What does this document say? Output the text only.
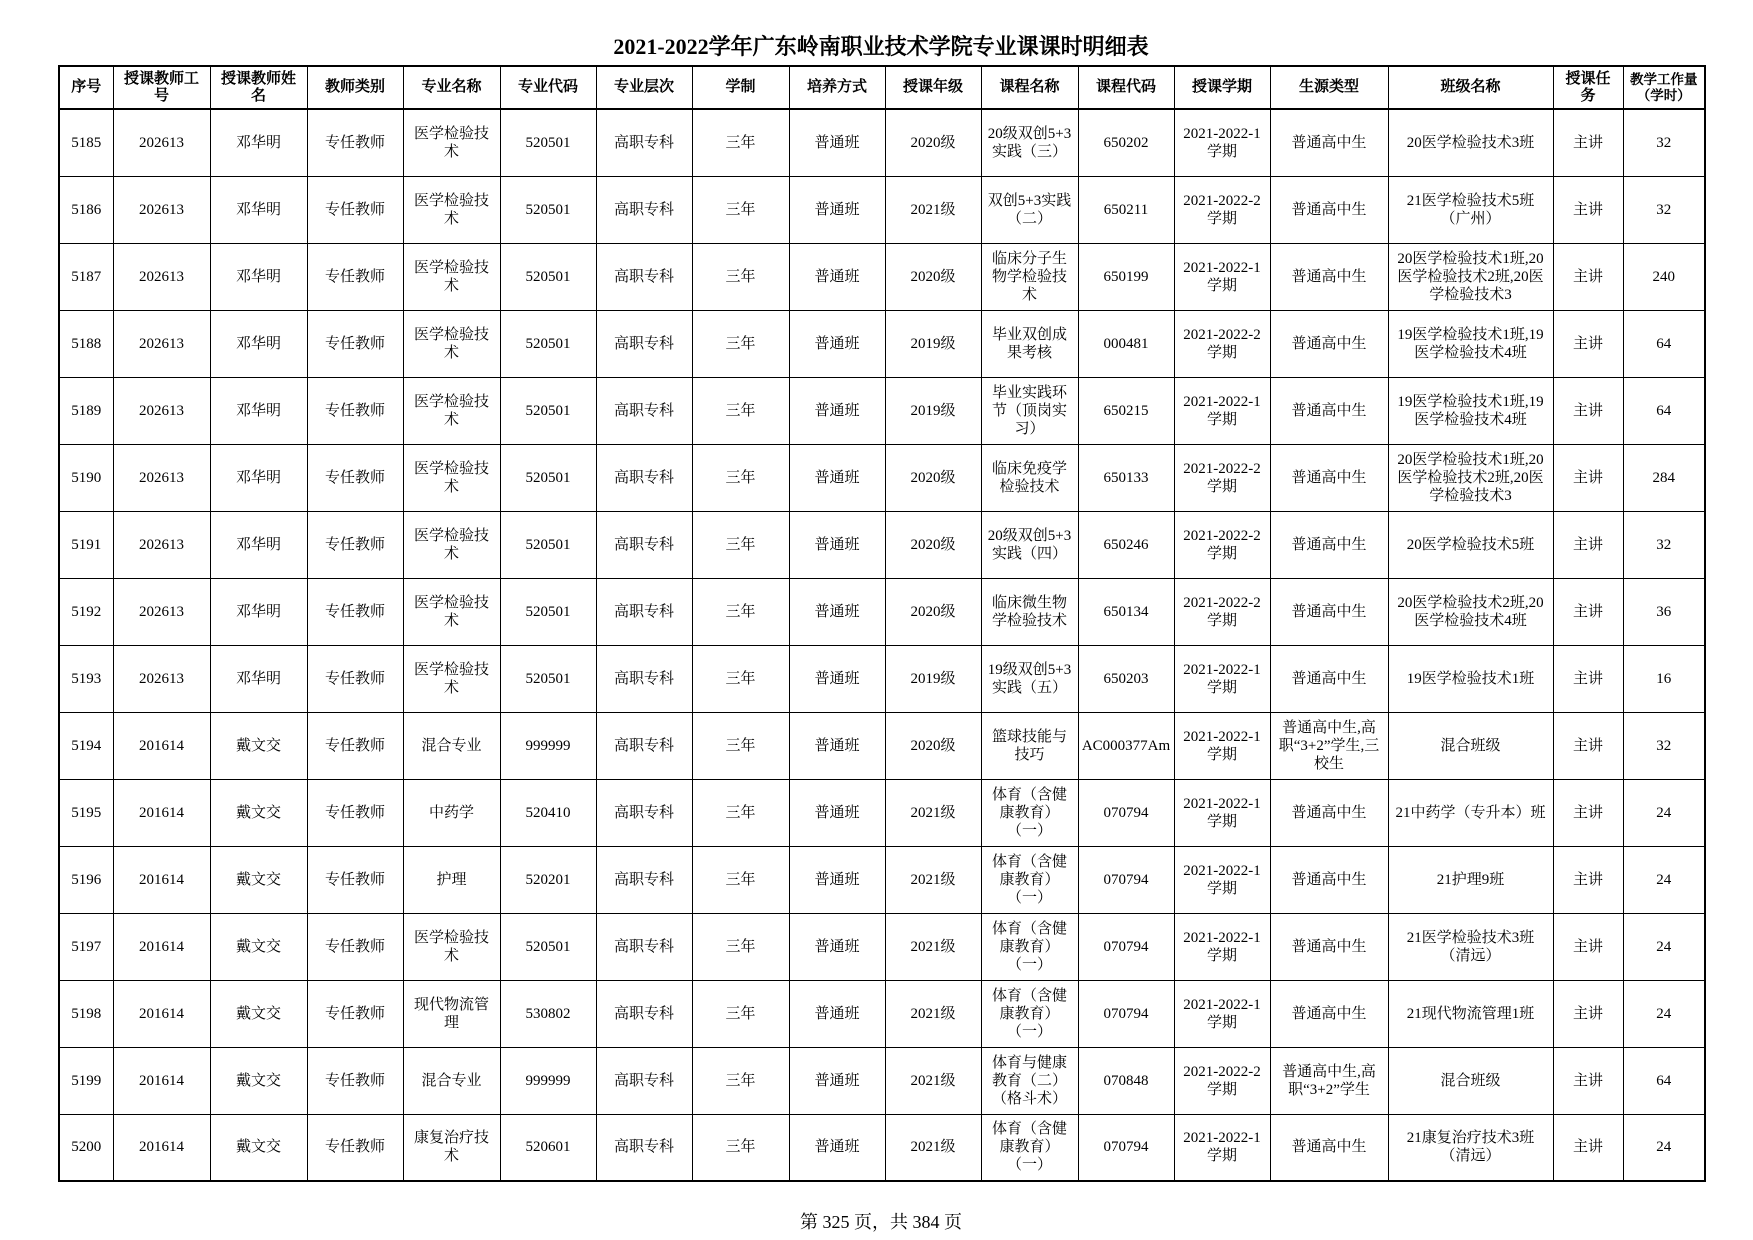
2021-2022学年广东岭南职业技术学院专业课课时明细表
序号	授课教师工号	授课教师姓名	教师类别	专业名称	专业代码	专业层次	学制	培养方式	授课年级	课程名称	课程代码	授课学期	生源类型	班级名称	授课任务	教学工作量（学时）
5185	202613	邓华明	专任教师	医学检验技术	520501	高职专科	三年	普通班	2020级	20级双创5+3实践（三）	650202	2021-2022-1学期	普通高中生	20医学检验技术3班	主讲	32
5186	202613	邓华明	专任教师	医学检验技术	520501	高职专科	三年	普通班	2021级	双创5+3实践（二）	650211	2021-2022-2学期	普通高中生	21医学检验技术5班（广州）	主讲	32
5187	202613	邓华明	专任教师	医学检验技术	520501	高职专科	三年	普通班	2020级	临床分子生物学检验技术	650199	2021-2022-1学期	普通高中生	20医学检验技术1班,20医学检验技术2班,20医学检验技术3	主讲	240
5188	202613	邓华明	专任教师	医学检验技术	520501	高职专科	三年	普通班	2019级	毕业双创成果考核	000481	2021-2022-2学期	普通高中生	19医学检验技术1班,19医学检验技术4班	主讲	64
5189	202613	邓华明	专任教师	医学检验技术	520501	高职专科	三年	普通班	2019级	毕业实践环节（顶岗实习）	650215	2021-2022-1学期	普通高中生	19医学检验技术1班,19医学检验技术4班	主讲	64
5190	202613	邓华明	专任教师	医学检验技术	520501	高职专科	三年	普通班	2020级	临床免疫学检验技术	650133	2021-2022-2学期	普通高中生	20医学检验技术1班,20医学检验技术2班,20医学检验技术3	主讲	284
5191	202613	邓华明	专任教师	医学检验技术	520501	高职专科	三年	普通班	2020级	20级双创5+3实践（四）	650246	2021-2022-2学期	普通高中生	20医学检验技术5班	主讲	32
5192	202613	邓华明	专任教师	医学检验技术	520501	高职专科	三年	普通班	2020级	临床微生物学检验技术	650134	2021-2022-2学期	普通高中生	20医学检验技术2班,20医学检验技术4班	主讲	36
5193	202613	邓华明	专任教师	医学检验技术	520501	高职专科	三年	普通班	2019级	19级双创5+3实践（五）	650203	2021-2022-1学期	普通高中生	19医学检验技术1班	主讲	16
5194	201614	戴文交	专任教师	混合专业	999999	高职专科	三年	普通班	2020级	篮球技能与技巧	AC000377Am	2021-2022-1学期	普通高中生,高职“3+2”学生,三校生	混合班级	主讲	32
5195	201614	戴文交	专任教师	中药学	520410	高职专科	三年	普通班	2021级	体育（含健康教育）（一）	070794	2021-2022-1学期	普通高中生	21中药学（专升本）班	主讲	24
5196	201614	戴文交	专任教师	护理	520201	高职专科	三年	普通班	2021级	体育（含健康教育）（一）	070794	2021-2022-1学期	普通高中生	21护理9班	主讲	24
5197	201614	戴文交	专任教师	医学检验技术	520501	高职专科	三年	普通班	2021级	体育（含健康教育）（一）	070794	2021-2022-1学期	普通高中生	21医学检验技术3班（清远）	主讲	24
5198	201614	戴文交	专任教师	现代物流管理	530802	高职专科	三年	普通班	2021级	体育（含健康教育）（一）	070794	2021-2022-1学期	普通高中生	21现代物流管理1班	主讲	24
5199	201614	戴文交	专任教师	混合专业	999999	高职专科	三年	普通班	2021级	体育与健康教育（二）（格斗术）	070848	2021-2022-2学期	普通高中生,高职“3+2”学生	混合班级	主讲	64
5200	201614	戴文交	专任教师	康复治疗技术	520601	高职专科	三年	普通班	2021级	体育（含健康教育）（一）	070794	2021-2022-1学期	普通高中生	21康复治疗技术3班（清远）	主讲	24
第 325 页，共 384 页
